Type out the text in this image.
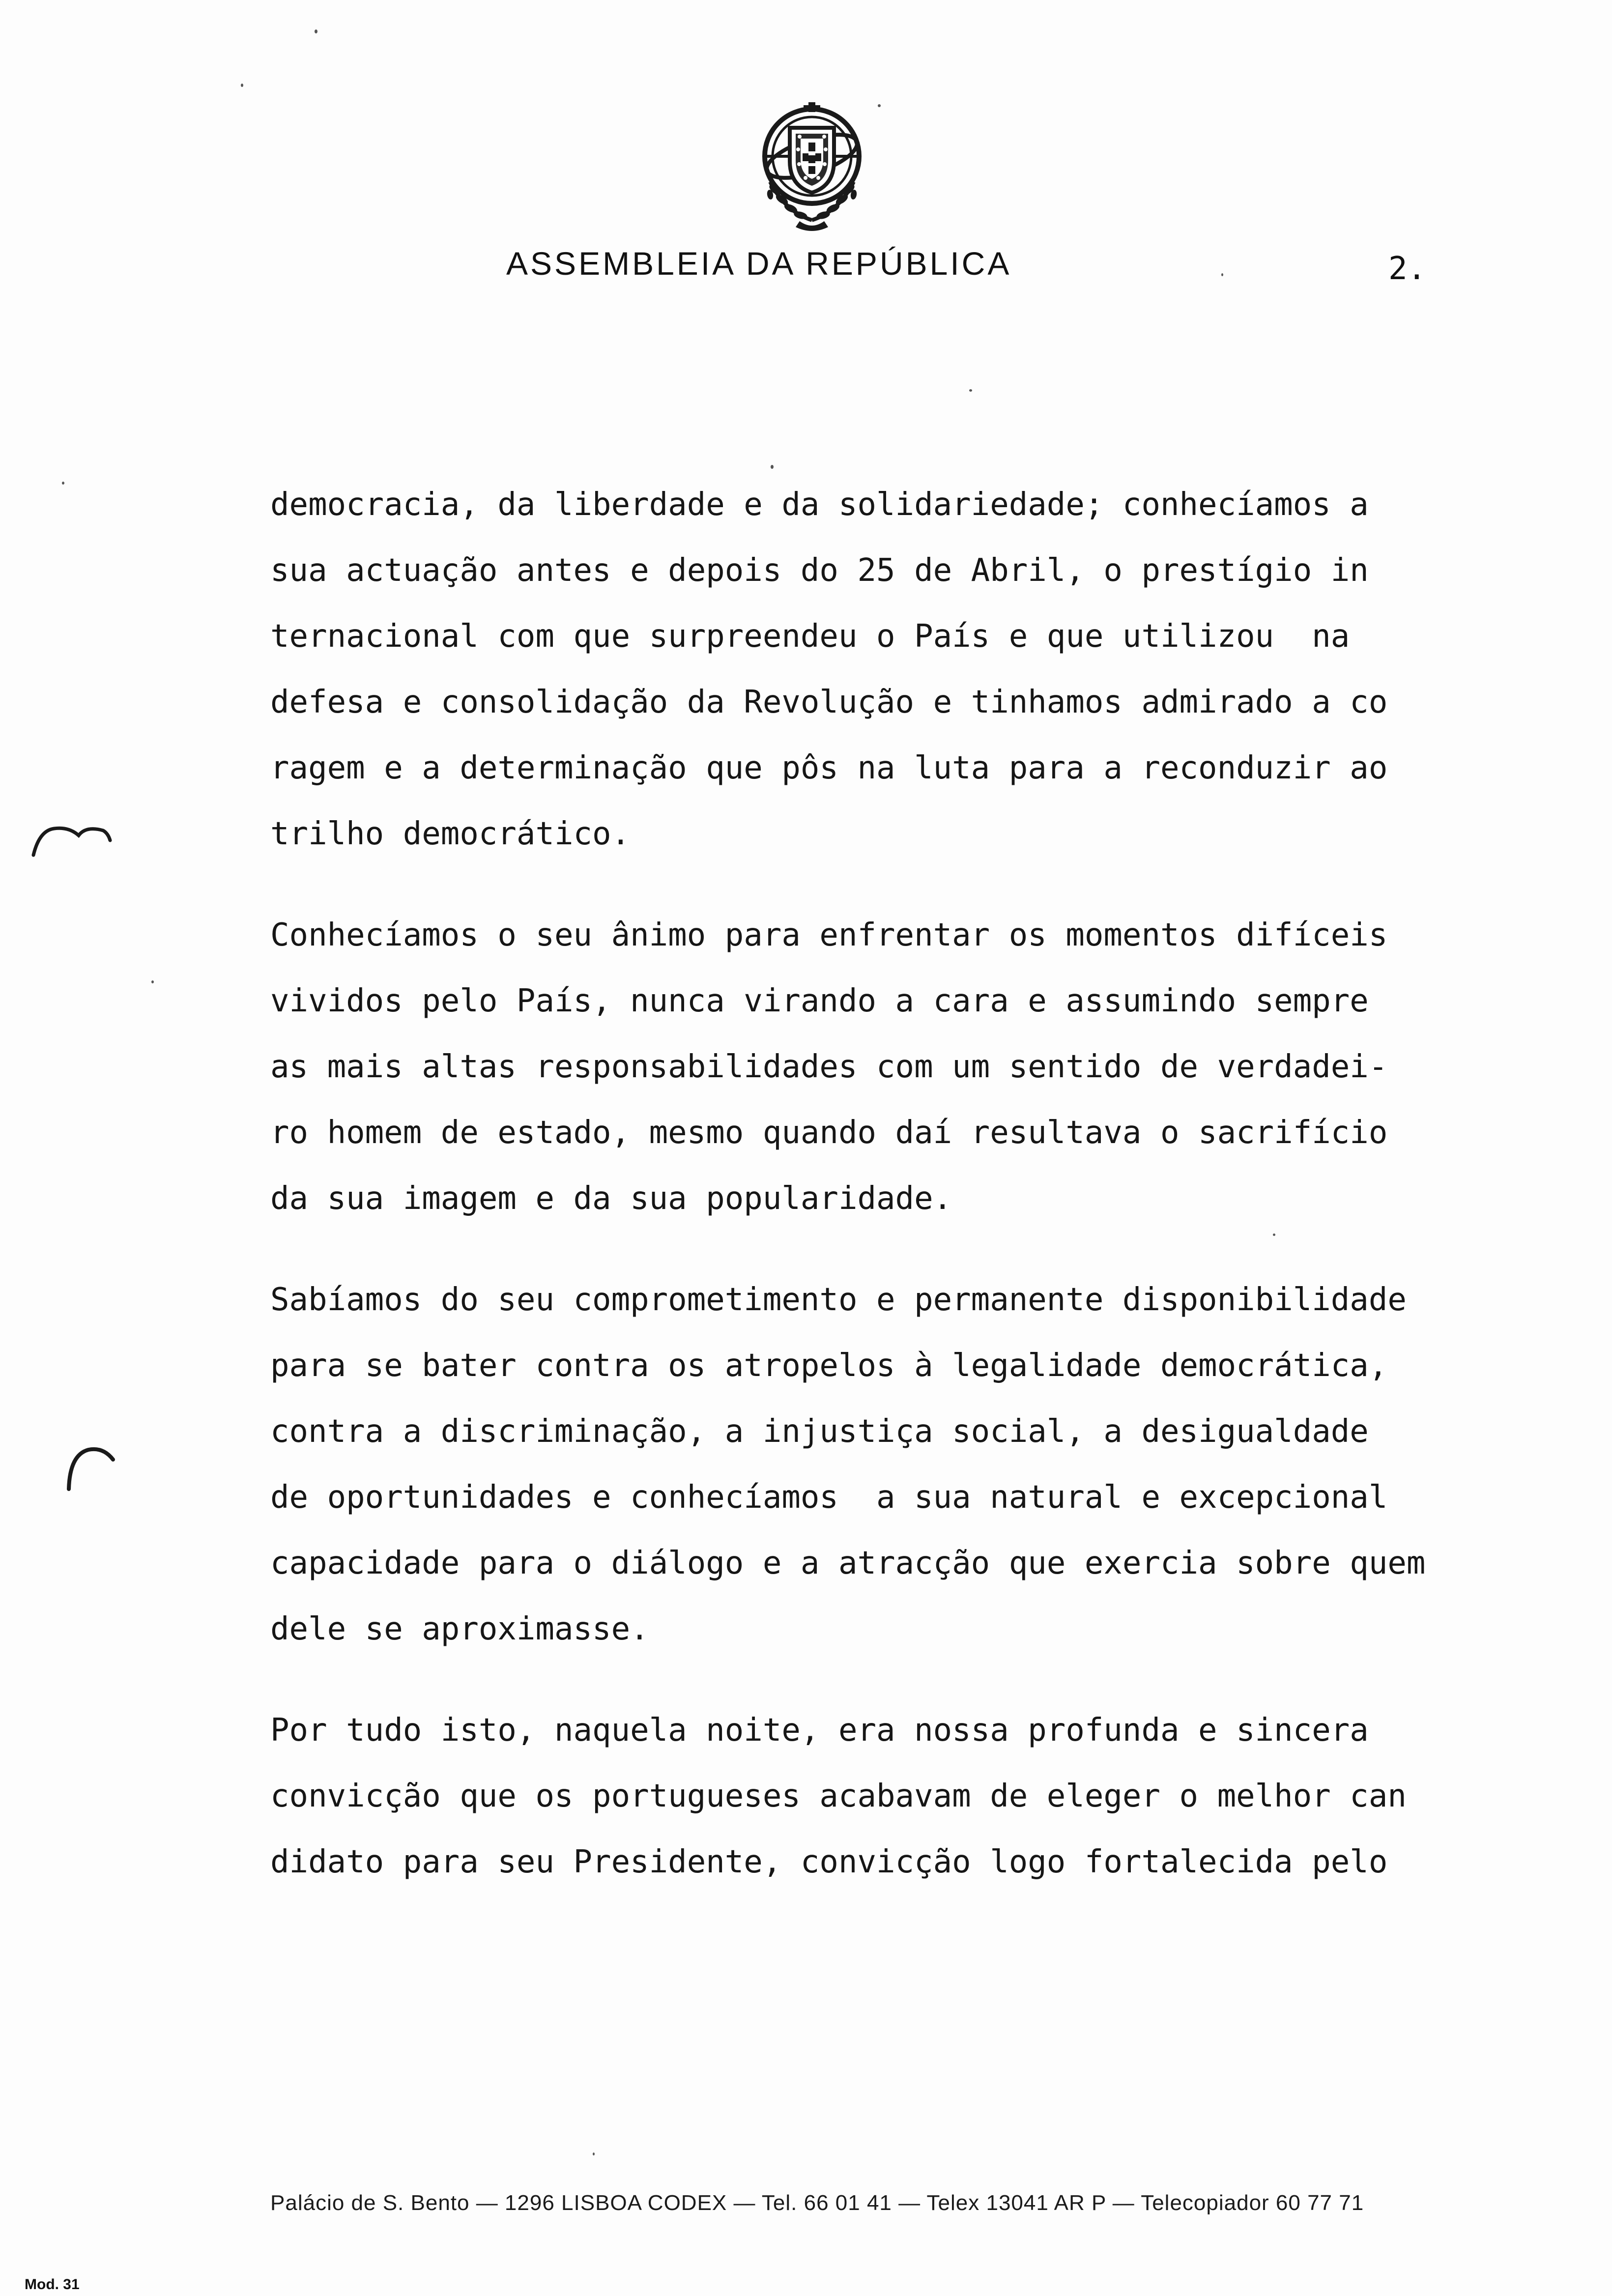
ASSEMBLEIA DA REPÚBLICA	2.
democracia, da liberdade e da solidariedade; conhecíamos a
sua actuação antes e depois do 25 de Abril, o prestígio in
ternacional com que surpreendeu o País e que utilizou  na
defesa e consolidação da Revolução e tinhamos admirado a co
ragem e a determinação que pôs na luta para a reconduzir ao
trilho democrático.
Conhecíamos o seu ânimo para enfrentar os momentos difíceis
vividos pelo País, nunca virando a cara e assumindo sempre
as mais altas responsabilidades com um sentido de verdadei-
ro homem de estado, mesmo quando daí resultava o sacrifício
da sua imagem e da sua popularidade.
Sabíamos do seu comprometimento e permanente disponibilidade
para se bater contra os atropelos à legalidade democrática,
contra a discriminação, a injustiça social, a desigualdade
de oportunidades e conhecíamos  a sua natural e excepcional
capacidade para o diálogo e a atracção que exercia sobre quem
dele se aproximasse.
Por tudo isto, naquela noite, era nossa profunda e sincera
convicção que os portugueses acabavam de eleger o melhor can
didato para seu Presidente, convicção logo fortalecida pelo
Palácio de S. Bento — 1296 LISBOA CODEX — Tel. 66 01 41 — Telex 13041 AR P — Telecopiador 60 77 71
Mod. 31
